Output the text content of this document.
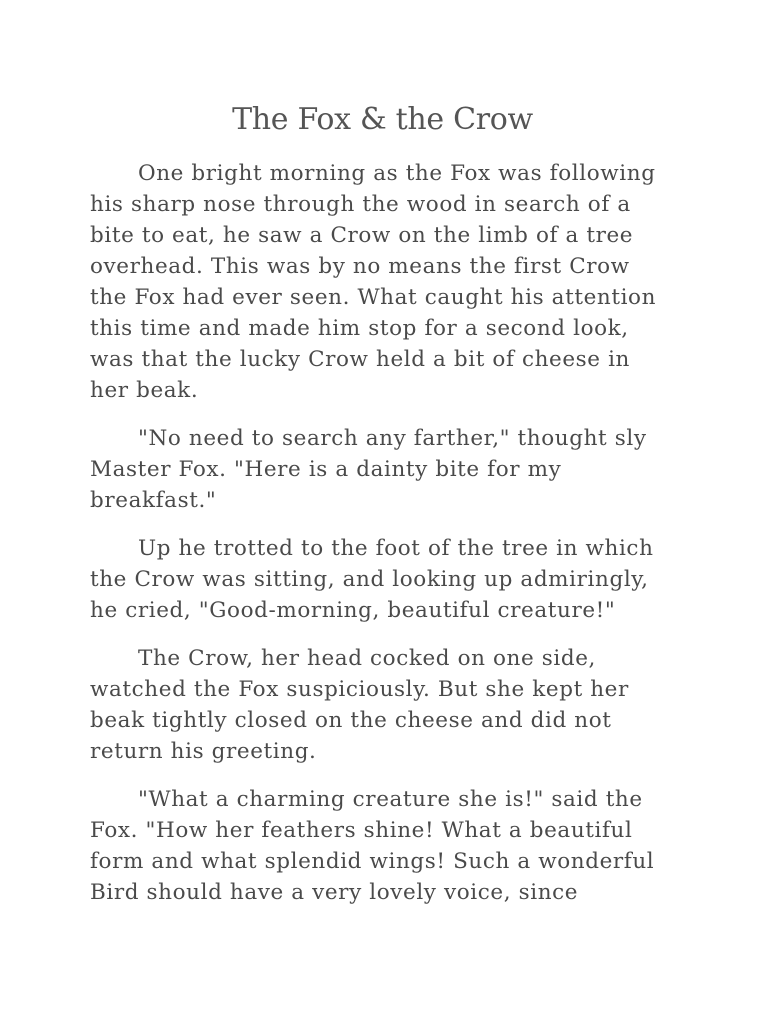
The Fox & the Crow

One bright morning as the Fox was following
his sharp nose through the wood in search of a
bite to eat, he saw a Crow on the limb of a tree
overhead. This was by no means the first Crow
the Fox had ever seen. What caught his attention
this time and made him stop for a second look,
was that the lucky Crow held a bit of cheese in
her beak.

"No need to search any farther," thought sly
Master Fox. "Here is a dainty bite for my
breakfast."

Up he trotted to the foot of the tree in which
the Crow was sitting, and looking up admiringly,
he cried, "Good-morning, beautiful creature!"

The Crow, her head cocked on one side,
watched the Fox suspiciously. But she kept her
beak tightly closed on the cheese and did not
return his greeting.

"What a charming creature she is!" said the
Fox. "How her feathers shine! What a beautiful
form and what splendid wings! Such a wonderful
Bird should have a very lovely voice, since
